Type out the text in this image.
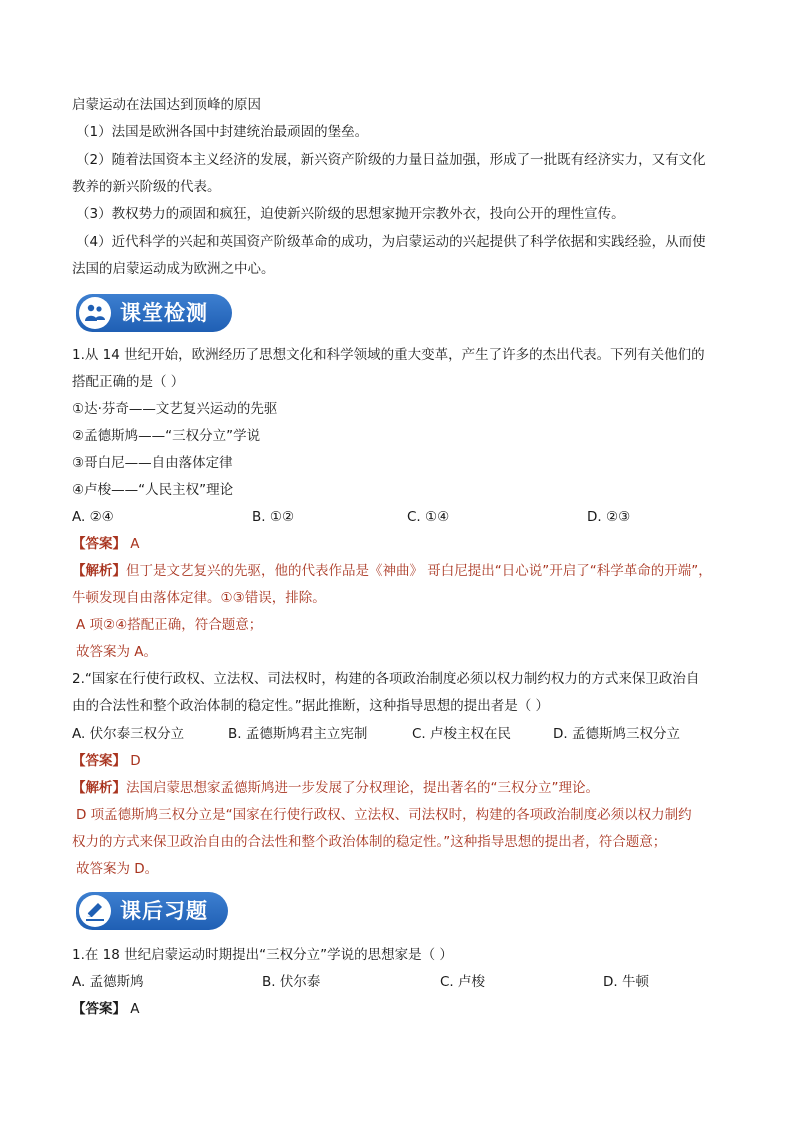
启蒙运动在法国达到顶峰的原因
（1）法国是欧洲各国中封建统治最顽固的堡垒。
（2）随着法国资本主义经济的发展，新兴资产阶级的力量日益加强，形成了一批既有经济实力，又有文化
教养的新兴阶级的代表。
（3）教权势力的顽固和疯狂，迫使新兴阶级的思想家抛开宗教外衣，投向公开的理性宣传。
（4）近代科学的兴起和英国资产阶级革命的成功，为启蒙运动的兴起提供了科学依据和实践经验，从而使
法国的启蒙运动成为欧洲之中心。
课堂检测
1.从 14 世纪开始，欧洲经历了思想文化和科学领域的重大变革，产生了许多的杰出代表。下列有关他们的
搭配正确的是（ ）
①达·芬奇——文艺复兴运动的先驱
②孟德斯鸠——“三权分立”学说
③哥白尼——自由落体定律
④卢梭——“人民主权”理论
A. ②④	B. ①②	C. ①④	D. ②③
【答案】 A
【解析】但丁是文艺复兴的先驱，他的代表作品是《神曲》 哥白尼提出“日心说”开启了“科学革命的开端”，
牛顿发现自由落体定律。①③错误，排除。
A 项②④搭配正确，符合题意；
故答案为 A。
2.“国家在行使行政权、立法权、司法权时，构建的各项政治制度必须以权力制约权力的方式来保卫政治自
由的合法性和整个政治体制的稳定性。”据此推断，这种指导思想的提出者是（ ）
A. 伏尔泰三权分立	B. 孟德斯鸠君主立宪制	C. 卢梭主权在民	D. 孟德斯鸠三权分立
【答案】 D
【解析】法国启蒙思想家孟德斯鸠进一步发展了分权理论，提出著名的“三权分立”理论。
D 项孟德斯鸠三权分立是“国家在行使行政权、立法权、司法权时，构建的各项政治制度必须以权力制约
权力的方式来保卫政治自由的合法性和整个政治体制的稳定性。”这种指导思想的提出者，符合题意；
故答案为 D。
课后习题
1.在 18 世纪启蒙运动时期提出“三权分立”学说的思想家是（ ）
A. 孟德斯鸠	B. 伏尔泰	C. 卢梭	D. 牛顿
【答案】 A
